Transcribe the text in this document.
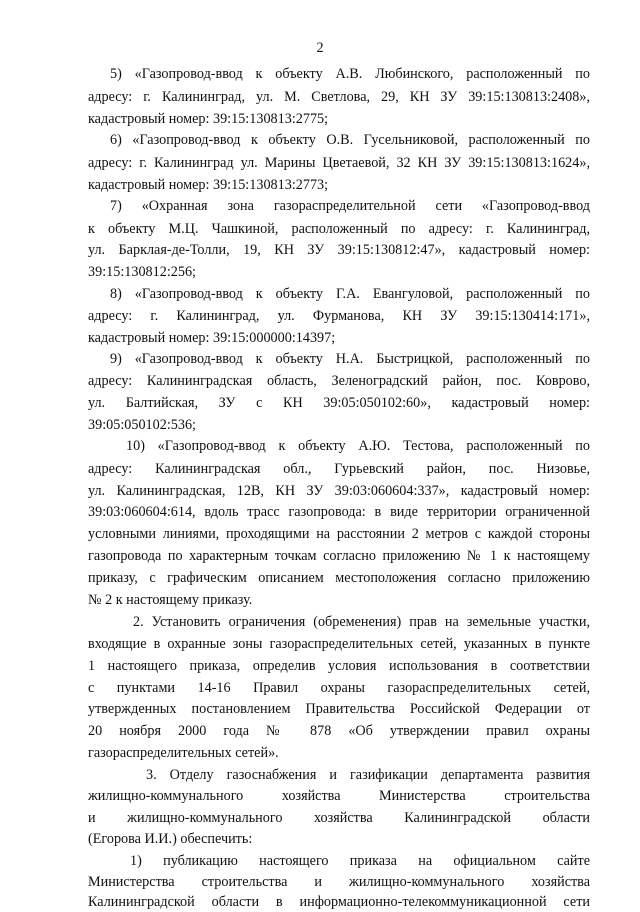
2
5) «Газопровод-ввод к объекту А.В. Любинского, расположенный по
адресу: г. Калининград, ул. М. Светлова, 29, КН ЗУ 39:15:130813:2408»,
кадастровый номер: 39:15:130813:2775;
6) «Газопровод-ввод к объекту О.В. Гусельниковой, расположенный по
адресу: г. Калининград ул. Марины Цветаевой, 32 КН ЗУ 39:15:130813:1624»,
кадастровый номер: 39:15:130813:2773;
7) «Охранная зона газораспределительной сети «Газопровод-ввод
к объекту М.Ц. Чашкиной, расположенный по адресу: г. Калининград,
ул. Барклая-де-Толли, 19, КН ЗУ 39:15:130812:47», кадастровый номер:
39:15:130812:256;
8) «Газопровод-ввод к объекту Г.А. Евангуловой, расположенный по
адресу: г. Калининград, ул. Фурманова, КН ЗУ 39:15:130414:171»,
кадастровый номер: 39:15:000000:14397;
9) «Газопровод-ввод к объекту Н.А. Быстрицкой, расположенный по
адресу: Калининградская область, Зеленоградский район, пос. Коврово,
ул. Балтийская, ЗУ с КН 39:05:050102:60», кадастровый номер:
39:05:050102:536;
10) «Газопровод-ввод к объекту А.Ю. Тестова, расположенный по
адресу: Калининградская обл., Гурьевский район, пос. Низовье,
ул. Калининградская, 12В, КН ЗУ 39:03:060604:337», кадастровый номер:
39:03:060604:614, вдоль трасс газопровода: в виде территории ограниченной
условными линиями, проходящими на расстоянии 2 метров с каждой стороны
газопровода по характерным точкам согласно приложению № 1 к настоящему
приказу, с графическим описанием местоположения согласно приложению
№ 2 к настоящему приказу.
2. Установить ограничения (обременения) прав на земельные участки,
входящие в охранные зоны газораспределительных сетей, указанных в пункте
1 настоящего приказа, определив условия использования в соответствии
с пунктами 14-16 Правил охраны газораспределительных сетей,
утвержденных постановлением Правительства Российской Федерации от
20 ноября 2000 года № 878 «Об утверждении правил охраны
газораспределительных сетей».
3. Отделу газоснабжения и газификации департамента развития
жилищно-коммунального хозяйства Министерства строительства
и жилищно-коммунального хозяйства Калининградской области
(Егорова И.И.) обеспечить:
1) публикацию настоящего приказа на официальном сайте
Министерства строительства и жилищно-коммунального хозяйства
Калининградской области в информационно-телекоммуникационной сети
